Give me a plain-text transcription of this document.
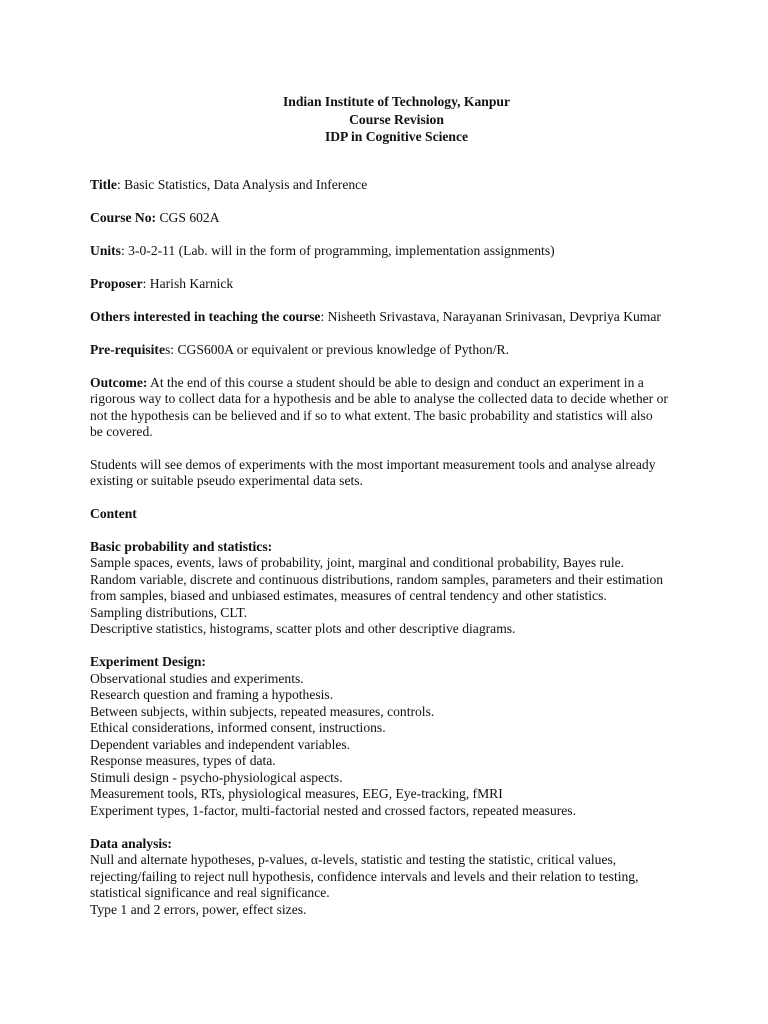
Indian Institute of Technology, Kanpur
Course Revision
IDP in Cognitive Science
Title: Basic Statistics, Data Analysis and Inference
Course No: CGS 602A
Units: 3-0-2-11 (Lab. will in the form of programming, implementation assignments)
Proposer: Harish Karnick
Others interested in teaching the course: Nisheeth Srivastava, Narayanan Srinivasan, Devpriya Kumar
Pre-requisites: CGS600A or equivalent or previous knowledge of Python/R.
Outcome: At the end of this course a student should be able to design and conduct an experiment in a
rigorous way to collect data for a hypothesis and be able to analyse the collected data to decide whether or
not the hypothesis can be believed and if so to what extent. The basic probability and statistics will also
be covered.
Students will see demos of experiments with the most important measurement tools and analyse already
existing or suitable pseudo experimental data sets.
Content
Basic probability and statistics:
Sample spaces, events, laws of probability, joint, marginal and conditional probability, Bayes rule.
Random variable, discrete and continuous distributions, random samples, parameters and their estimation
from samples, biased and unbiased estimates, measures of central tendency and other statistics.
Sampling distributions, CLT.
Descriptive statistics, histograms, scatter plots and other descriptive diagrams.
Experiment Design:
Observational studies and experiments.
Research question and framing a hypothesis.
Between subjects, within subjects, repeated measures, controls.
Ethical considerations, informed consent, instructions.
Dependent variables and independent variables.
Response measures, types of data.
Stimuli design - psycho-physiological aspects.
Measurement tools, RTs, physiological measures, EEG, Eye-tracking, fMRI
Experiment types, 1-factor, multi-factorial nested and crossed factors, repeated measures.
Data analysis:
Null and alternate hypotheses, p-values, α-levels, statistic and testing the statistic, critical values,
rejecting/failing to reject null hypothesis, confidence intervals and levels and their relation to testing,
statistical significance and real significance.
Type 1 and 2 errors, power, effect sizes.
